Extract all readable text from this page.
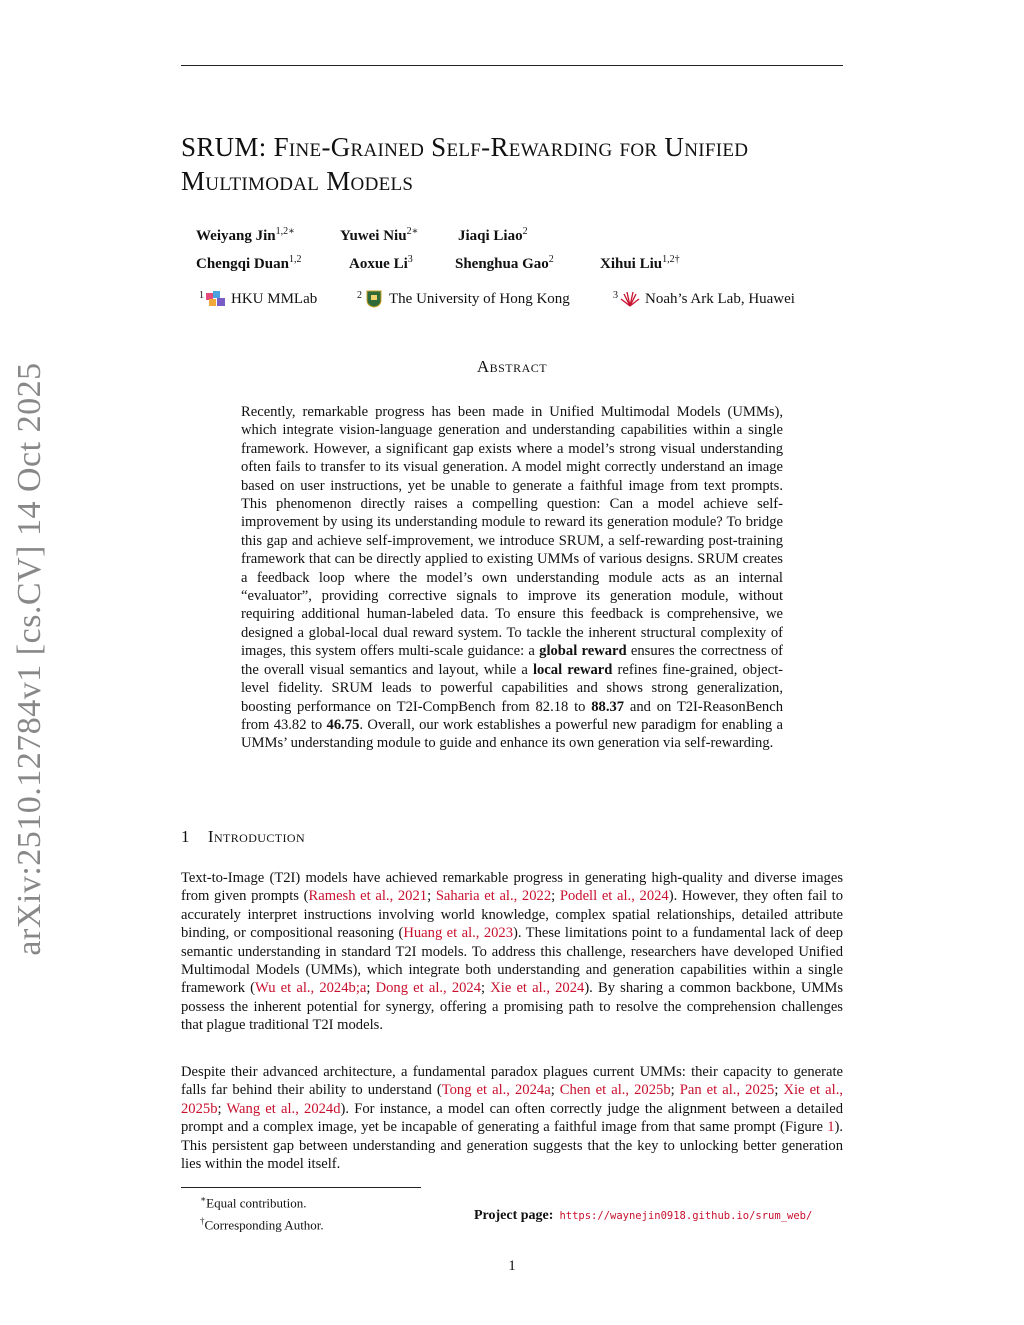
arXiv:2510.12784v1 [cs.CV] 14 Oct 2025
SRUM: Fine-Grained Self-Rewarding for Unified Multimodal Models
Weiyang Jin$^{1,2∗}$	Yuwei Niu$^{2∗}$	Jiaqi Liao$^2$
Chengqi Duan$^{1,2}$	Aoxue Li$^3$	Shenghua Gao$^2$	Xihui Liu$^{1,2\dagger}$
1 HKU MMLab	2 The University of Hong Kong	3 Noah’s Ark Lab, Huawei
Abstract
Recently, remarkable progress has been made in Unified Multimodal Models (UMMs), which integrate vision-language generation and understanding capabilities within a single framework. However, a significant gap exists where a model’s strong visual understanding often fails to transfer to its visual generation. A model might correctly understand an image based on user instructions, yet be unable to generate a faithful image from text prompts. This phenomenon directly raises a compelling question: Can a model achieve self-improvement by using its understanding module to reward its generation module? To bridge this gap and achieve self-improvement, we introduce SRUM, a self-rewarding post-training framework that can be directly applied to existing UMMs of various designs. SRUM creates a feedback loop where the model’s own understanding module acts as an internal “evaluator”, providing corrective signals to improve its generation module, without requiring additional human-labeled data. To ensure this feedback is comprehensive, we designed a global-local dual reward system. To tackle the inherent structural complexity of images, this system offers multi-scale guidance: a global reward ensures the correctness of the overall visual semantics and layout, while a local reward refines fine-grained, object-level fidelity. SRUM leads to powerful capabilities and shows strong generalization, boosting performance on T2I-CompBench from 82.18 to 88.37 and on T2I-ReasonBench from 43.82 to 46.75. Overall, our work establishes a powerful new paradigm for enabling a UMMs’ understanding module to guide and enhance its own generation via self-rewarding.
1 Introduction

Text-to-Image (T2I) models have achieved remarkable progress in generating high-quality and diverse images from given prompts (Ramesh et al., 2021; Saharia et al., 2022; Podell et al., 2024). However, they often fail to accurately interpret instructions involving world knowledge, complex spatial relationships, detailed attribute binding, or compositional reasoning (Huang et al., 2023). These limitations point to a fundamental lack of deep semantic understanding in standard T2I models. To address this challenge, researchers have developed Unified Multimodal Models (UMMs), which integrate both understanding and generation capabilities within a single framework (Wu et al., 2024b;a; Dong et al., 2024; Xie et al., 2024). By sharing a common backbone, UMMs possess the inherent potential for synergy, offering a promising path to resolve the comprehension challenges that plague traditional T2I models.

Despite their advanced architecture, a fundamental paradox plagues current UMMs: their capacity to generate falls far behind their ability to understand (Tong et al., 2024a; Chen et al., 2025b; Pan et al., 2025; Xie et al., 2025b; Wang et al., 2024d). For instance, a model can often correctly judge the alignment between a detailed prompt and a complex image, yet be incapable of generating a faithful image from that same prompt (Figure 1). This persistent gap between understanding and generation suggests that the key to unlocking better generation lies within the model itself.

∗Equal contribution.
†Corresponding Author.
Project page: https://waynejin0918.github.io/srum_web/
1
